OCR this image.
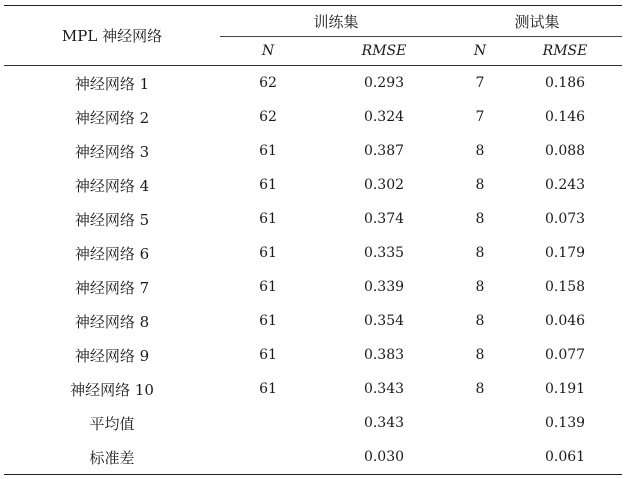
MPL 神经网络	训练集		测试集	
	N	RMSE	N	RMSE
神经网络 1	62	0.293	7	0.186
神经网络 2	62	0.324	7	0.146
神经网络 3	61	0.387	8	0.088
神经网络 4	61	0.302	8	0.243
神经网络 5	61	0.374	8	0.073
神经网络 6	61	0.335	8	0.179
神经网络 7	61	0.339	8	0.158
神经网络 8	61	0.354	8	0.046
神经网络 9	61	0.383	8	0.077
神经网络 10	61	0.343	8	0.191
平均值		0.343		0.139
标准差		0.030		0.061
